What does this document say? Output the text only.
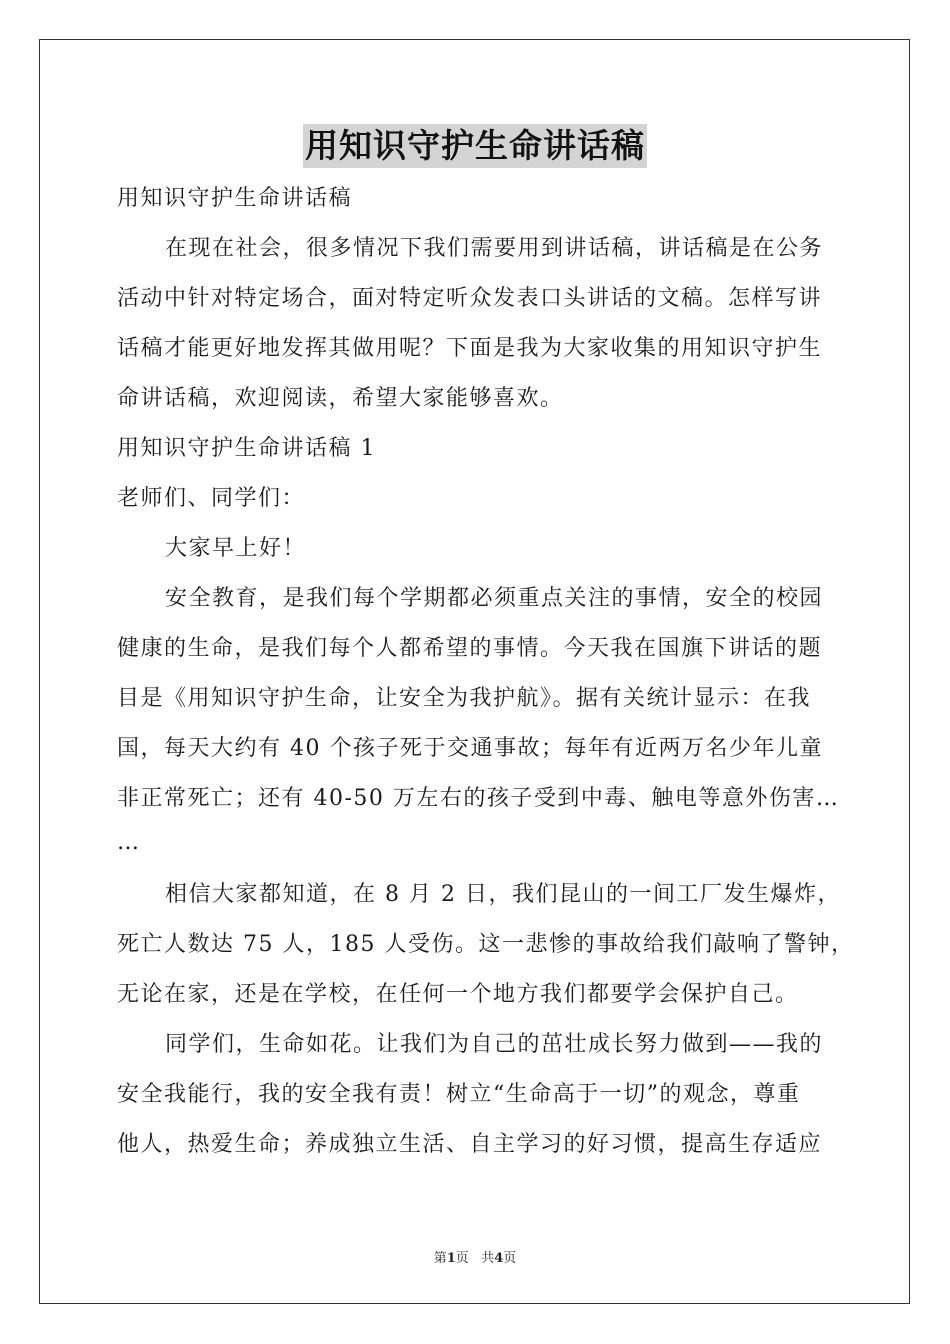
用知识守护生命讲话稿
用知识守护生命讲话稿
在现在社会，很多情况下我们需要用到讲话稿，讲话稿是在公务
活动中针对特定场合，面对特定听众发表口头讲话的文稿。怎样写讲
话稿才能更好地发挥其做用呢？下面是我为大家收集的用知识守护生
命讲话稿，欢迎阅读，希望大家能够喜欢。
用知识守护生命讲话稿 1
老师们、同学们：
大家早上好！
安全教育，是我们每个学期都必须重点关注的事情，安全的校园
健康的生命，是我们每个人都希望的事情。今天我在国旗下讲话的题
目是《用知识守护生命，让安全为我护航》。据有关统计显示：在我
国，每天大约有 40 个孩子死于交通事故；每年有近两万名少年儿童
非正常死亡；还有 40-50 万左右的孩子受到中毒、触电等意外伤害…
…
相信大家都知道，在 8 月 2 日，我们昆山的一间工厂发生爆炸，
死亡人数达 75 人，185 人受伤。这一悲惨的事故给我们敲响了警钟，
无论在家，还是在学校，在任何一个地方我们都要学会保护自己。
同学们，生命如花。让我们为自己的茁壮成长努力做到——我的
安全我能行，我的安全我有责！树立“生命高于一切”的观念，尊重
他人，热爱生命；养成独立生活、自主学习的好习惯，提高生存适应
第1页 共4页
